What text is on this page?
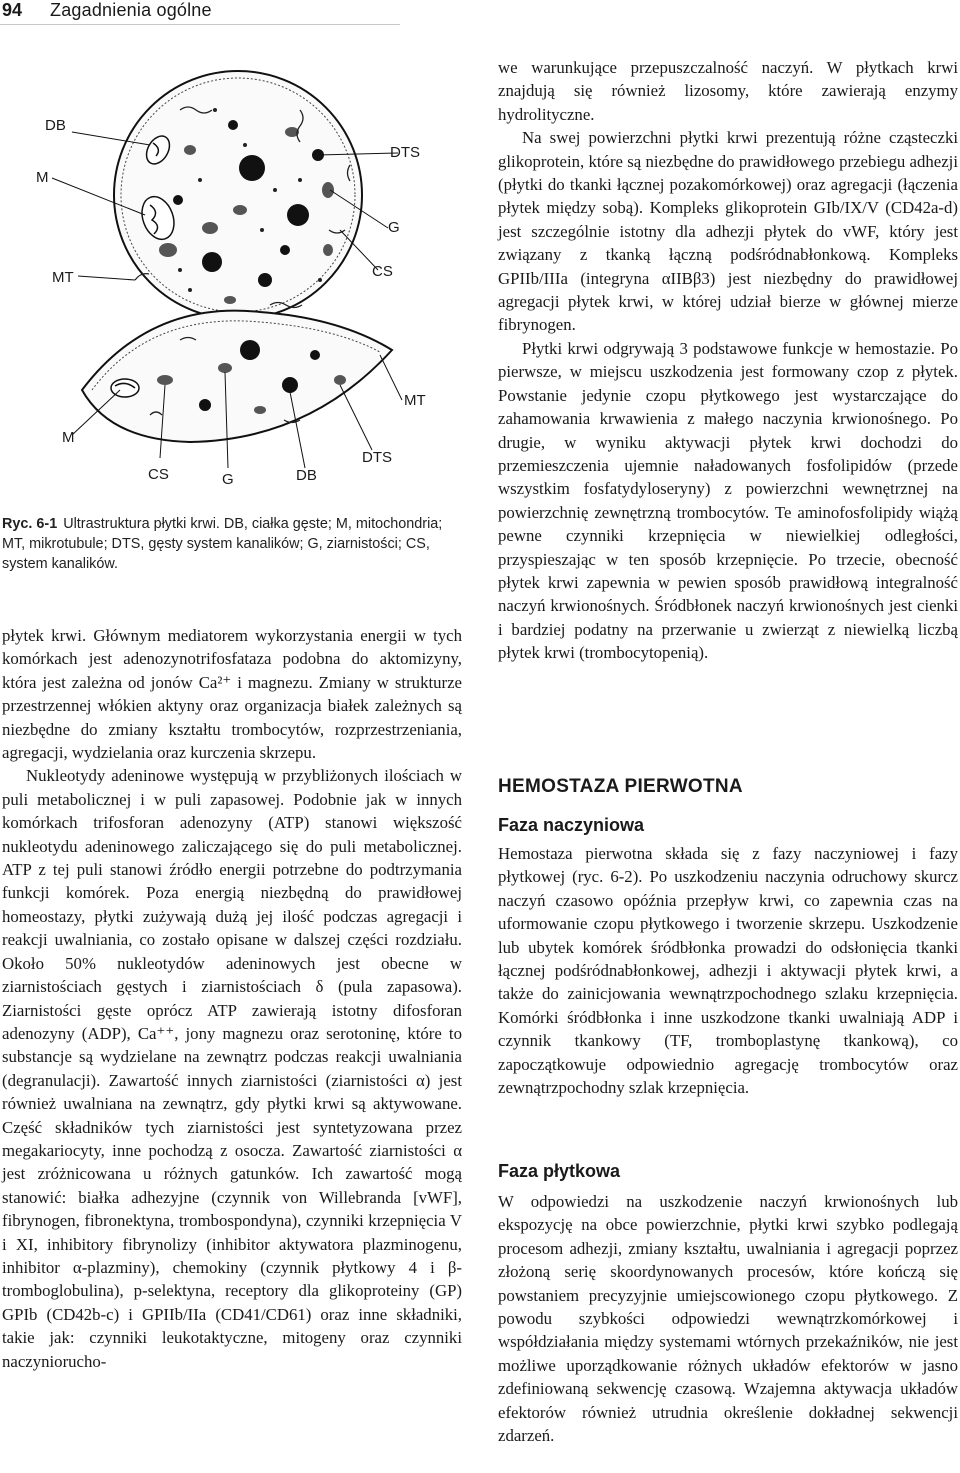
94 Zagadnienia ogólne
DB
M
MT
DTS
G
CS
MT
M
CS	G	DB
DTS
Ryc. 6-1 Ultrastruktura płytki krwi. DB, ciałka gęste; M, mitochondria; MT, mikrotubule; DTS, gęsty system kanalików; G, ziarnistości; CS, system kanalików.

płytek krwi. Głównym mediatorem wykorzystania energii w tych komórkach jest adenozynotrifosfataza podobna do aktomizyny, która jest zależna od jonów Ca²⁺ i magnezu. Zmiany w strukturze przestrzennej włókien aktyny oraz organizacja białek zależnych są niezbędne do zmiany kształtu trombocytów, rozprzestrzeniania, agregacji, wydzielania oraz kurczenia skrzepu.

Nukleotydy adeninowe występują w przybliżonych ilościach w puli metabolicznej i w puli zapasowej. Podobnie jak w innych komórkach trifosforan adenozyny (ATP) stanowi większość nukleotydu adeninowego zaliczającego się do puli metabolicznej. ATP z tej puli stanowi źródło energii potrzebne do podtrzymania funkcji komórek. Poza energią niezbędną do prawidłowej homeostazy, płytki zużywają dużą jej ilość podczas agregacji i reakcji uwalniania, co zostało opisane w dalszej części rozdziału. Około 50% nukleotydów adeninowych jest obecne w ziarnistościach gęstych i ziarnistościach δ (pula zapasowa). Ziarnistości gęste oprócz ATP zawierają istotny difosforan adenozyny (ADP), Ca⁺⁺, jony magnezu oraz serotoninę, które to substancje są wydzielane na zewnątrz podczas reakcji uwalniania (degranulacji). Zawartość innych ziarnistości (ziarnistości α) jest również uwalniana na zewnątrz, gdy płytki krwi są aktywowane. Część składników tych ziarnistości jest syntetyzowana przez megakariocyty, inne pochodzą z osocza. Zawartość ziarnistości α jest zróżnicowana u różnych gatunków. Ich zawartość mogą stanowić: białka adhezyjne (czynnik von Willebranda [vWF], fibrynogen, fibronektyna, trombospondyna), czynniki krzepnięcia V i XI, inhibitory fibrynolizy (inhibitor aktywatora plazminogenu, inhibitor α-plazminy), chemokiny (czynnik płytkowy 4 i β-tromboglobulina), p-selektyna, receptory dla glikoproteiny (GP) GPIb (CD42b-c) i GPIIb/IIa (CD41/CD61) oraz inne składniki, takie jak: czynniki leukotaktyczne, mitogeny oraz czynniki naczyniorucho-

we warunkujące przepuszczalność naczyń. W płytkach krwi znajdują się również lizosomy, które zawierają enzymy hydrolityczne.

Na swej powierzchni płytki krwi prezentują różne cząsteczki glikoprotein, które są niezbędne do prawidłowego przebiegu adhezji (płytki do tkanki łącznej pozakomórkowej) oraz agregacji (łączenia płytek między sobą). Kompleks glikoprotein GIb/IX/V (CD42a-d) jest szczególnie istotny dla adhezji płytek do vWF, który jest związany z tkanką łączną podśródnabłonkową. Kompleks GPIIb/IIIa (integryna αIIBβ3) jest niezbędny do prawidłowej agregacji płytek krwi, w której udział bierze w głównej mierze fibrynogen.

Płytki krwi odgrywają 3 podstawowe funkcje w hemostazie. Po pierwsze, w miejscu uszkodzenia jest formowany czop z płytek. Powstanie jedynie czopu płytkowego jest wystarczające do zahamowania krwawienia z małego naczynia krwionośnego. Po drugie, w wyniku aktywacji płytek krwi dochodzi do przemieszczenia ujemnie naładowanych fosfolipidów (przede wszystkim fosfatydyloseryny) z powierzchni wewnętrznej na powierzchnię zewnętrzną trombocytów. Te aminofosfolipidy wiążą pewne czynniki krzepnięcia w niewielkiej odległości, przyspieszając w ten sposób krzepnięcie. Po trzecie, obecność płytek krwi zapewnia w pewien sposób prawidłową integralność naczyń krwionośnych. Śródbłonek naczyń krwionośnych jest cienki i bardziej podatny na przerwanie u zwierząt z niewielką liczbą płytek krwi (trombocytopenią).

HEMOSTAZA PIERWOTNA
Faza naczyniowa

Hemostaza pierwotna składa się z fazy naczyniowej i fazy płytkowej (ryc. 6-2). Po uszkodzeniu naczynia odruchowy skurcz naczyń czasowo opóźnia przepływ krwi, co zapewnia czas na uformowanie czopu płytkowego i tworzenie skrzepu. Uszkodzenie lub ubytek komórek śródbłonka prowadzi do odsłonięcia tkanki łącznej podśródnabłonkowej, adhezji i aktywacji płytek krwi, a także do zainicjowania wewnątrzpochodnego szlaku krzepnięcia. Komórki śródbłonka i inne uszkodzone tkanki uwalniają ADP i czynnik tkankowy (TF, tromboplastynę tkankową), co zapoczątkowuje odpowiednio agregację trombocytów oraz zewnątrzpochodny szlak krzepnięcia.

Faza płytkowa

W odpowiedzi na uszkodzenie naczyń krwionośnych lub ekspozycję na obce powierzchnie, płytki krwi szybko podlegają procesom adhezji, zmiany kształtu, uwalniania i agregacji poprzez złożoną serię skoordynowanych procesów, które kończą się powstaniem precyzyjnie umiejscowionego czopu płytkowego. Z powodu szybkości odpowiedzi wewnątrzkomórkowej i współdziałania między systemami wtórnych przekaźników, nie jest możliwe uporządkowanie różnych układów efektorów w jasno zdefiniowaną sekwencję czasową. Wzajemna aktywacja układów efektorów również utrudnia określenie dokładnej sekwencji zdarzeń.
